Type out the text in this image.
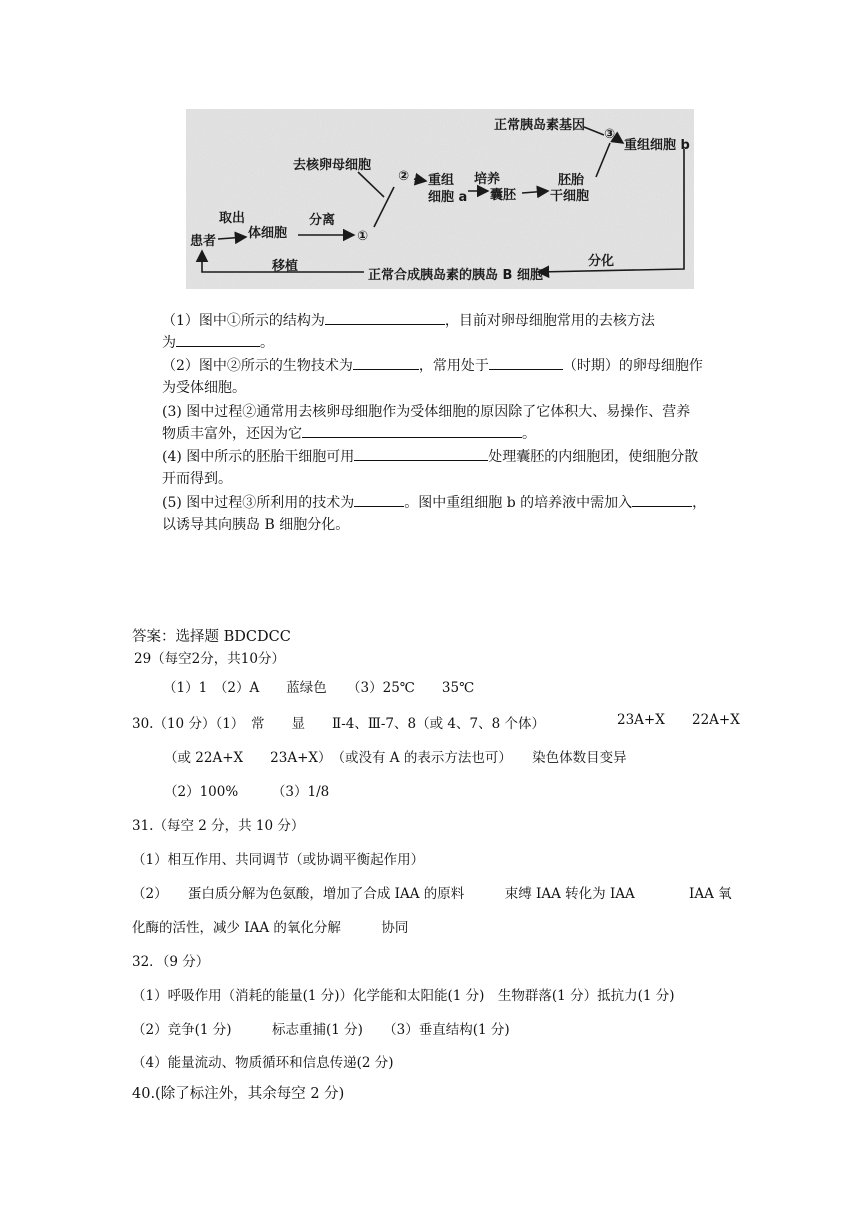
患者
取出
体细胞
分离
①
去核卵母细胞
② 重组
细胞 a
培养
囊胚
胚胎
干细胞
正常胰岛素基因
③
重组细胞 b
分化
移植
正常合成胰岛素的胰岛 B 细胞
（1）图中①所示的结构为	，目前对卵母细胞常用的去核方法
为	。
（2）图中②所示的生物技术为	，常用处于	（时期）的卵母细胞作
为受体细胞。
(3) 图中过程②通常用去核卵母细胞作为受体细胞的原因除了它体积大、易操作、营养
物质丰富外，还因为它	。
(4) 图中所示的胚胎干细胞可用	处理囊胚的内细胞团，使细胞分散
开而得到。
(5) 图中过程③所利用的技术为	。图中重组细胞 b 的培养液中需加入	，
以诱导其向胰岛 B 细胞分化。
答案：选择题 BDCDCC
29（每空2分，共10分）
（1）1　（2）A　　蓝绿色　　（3）25℃　　35℃
30.（10 分）（1）　常　　显　　Ⅱ-4、Ⅲ-7、8（或 4、7、8 个体）	23A+X 22A+X
（或 22A+X　　23A+X）　（或没有 A 的表示方法也可）　　染色体数目变异
（2）100%　　　（3）1/8
31.（每空 2 分，共 10 分）
（1）相互作用、共同调节（或协调平衡起作用）
（2）　　蛋白质分解为色氨酸，增加了合成 IAA 的原料　　　束缚 IAA 转化为 IAA	IAA 氧
化酶的活性，减少 IAA 的氧化分解　　　协同
32．（9 分）
（1）呼吸作用（消耗的能量(1 分)）化学能和太阳能(1 分)　生物群落(1 分）抵抗力(1 分)
（2）竞争(1 分)　　　标志重捕(1 分)　　（3）垂直结构(1 分)
（4）能量流动、物质循环和信息传递(2 分)
40.(除了标注外，其余每空 2 分)
